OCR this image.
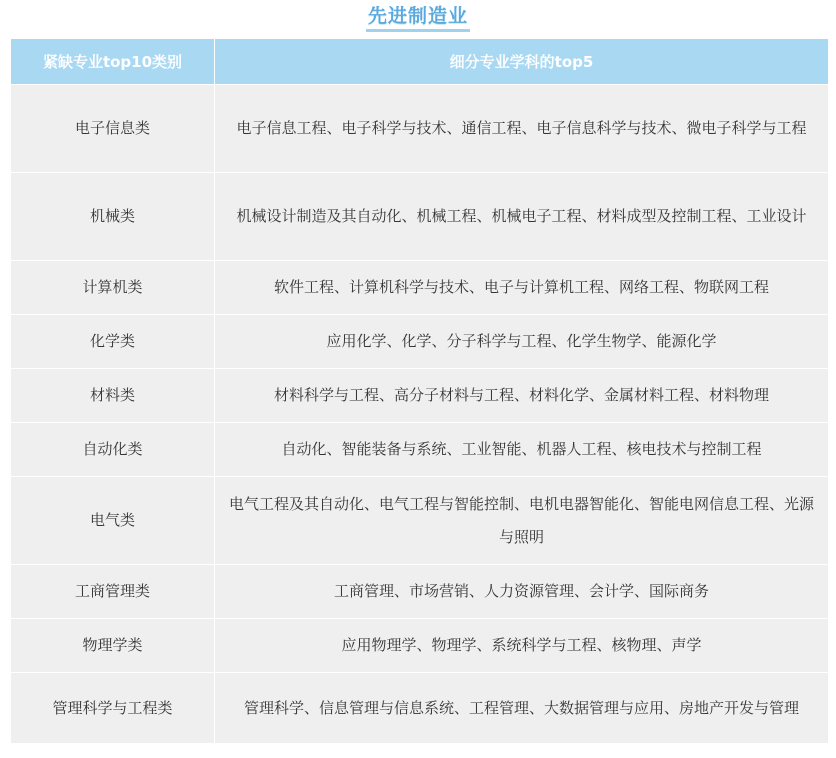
先进制造业
紧缺专业top10类别	细分专业学科的top5
电子信息类	电子信息工程、电子科学与技术、通信工程、电子信息科学与技术、微电子科学与工程
机械类	机械设计制造及其自动化、机械工程、机械电子工程、材料成型及控制工程、工业设计
计算机类	软件工程、计算机科学与技术、电子与计算机工程、网络工程、物联网工程
化学类	应用化学、化学、分子科学与工程、化学生物学、能源化学
材料类	材料科学与工程、高分子材料与工程、材料化学、金属材料工程、材料物理
自动化类	自动化、智能装备与系统、工业智能、机器人工程、核电技术与控制工程
电气类	电气工程及其自动化、电气工程与智能控制、电机电器智能化、智能电网信息工程、光源与照明
工商管理类	工商管理、市场营销、人力资源管理、会计学、国际商务
物理学类	应用物理学、物理学、系统科学与工程、核物理、声学
管理科学与工程类	管理科学、信息管理与信息系统、工程管理、大数据管理与应用、房地产开发与管理
